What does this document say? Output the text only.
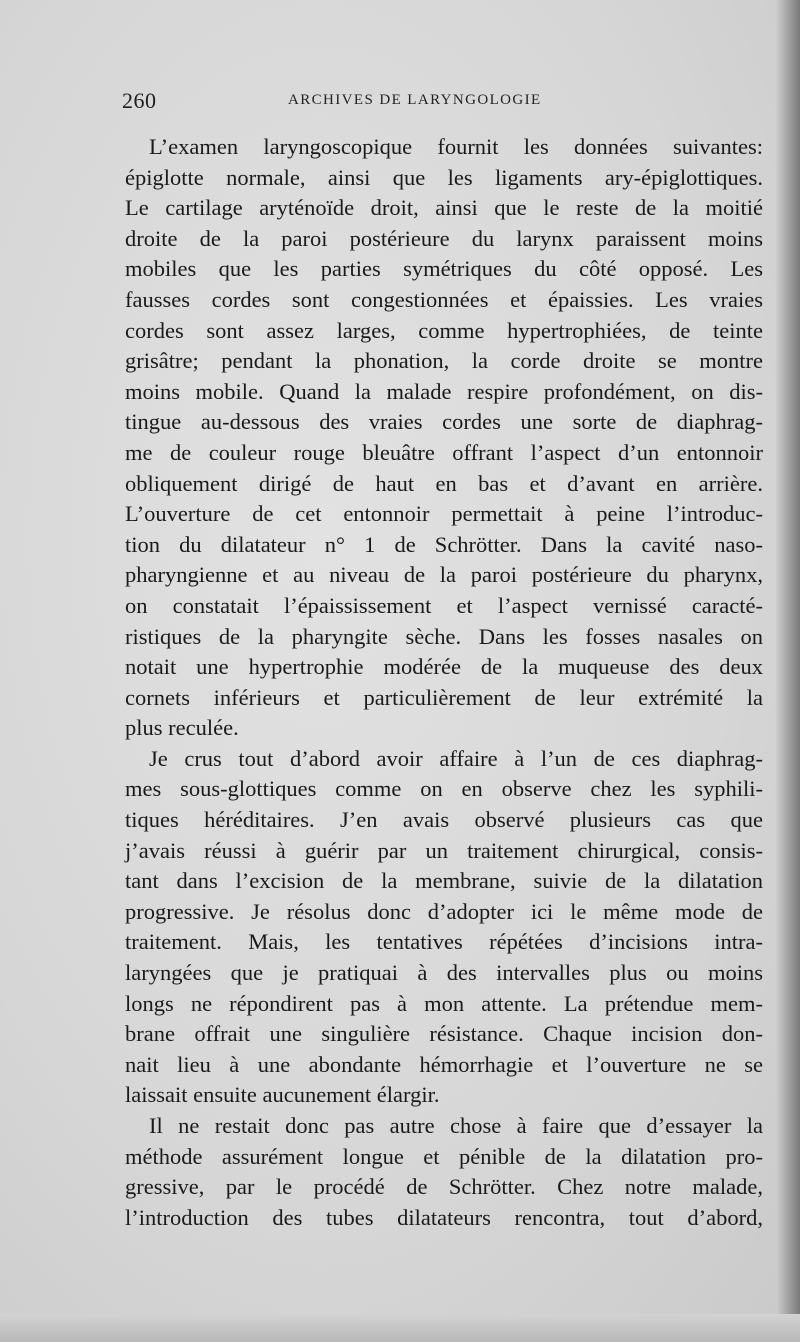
260	ARCHIVES DE LARYNGOLOGIE
L’examen laryngoscopique fournit les données suivantes:
épiglotte normale, ainsi que les ligaments ary-épiglottiques.
Le cartilage aryténoïde droit, ainsi que le reste de la moitié
droite de la paroi postérieure du larynx paraissent moins
mobiles que les parties symétriques du côté opposé. Les
fausses cordes sont congestionnées et épaissies. Les vraies
cordes sont assez larges, comme hypertrophiées, de teinte
grisâtre; pendant la phonation, la corde droite se montre
moins mobile. Quand la malade respire profondément, on dis-
tingue au-dessous des vraies cordes une sorte de diaphrag-
me de couleur rouge bleuâtre offrant l’aspect d’un entonnoir
obliquement dirigé de haut en bas et d’avant en arrière.
L’ouverture de cet entonnoir permettait à peine l’introduc-
tion du dilatateur n° 1 de Schrötter. Dans la cavité naso-
pharyngienne et au niveau de la paroi postérieure du pharynx,
on constatait l’épaississement et l’aspect vernissé caracté-
ristiques de la pharyngite sèche. Dans les fosses nasales on
notait une hypertrophie modérée de la muqueuse des deux
cornets inférieurs et particulièrement de leur extrémité la
plus reculée.
Je crus tout d’abord avoir affaire à l’un de ces diaphrag-
mes sous-glottiques comme on en observe chez les syphili-
tiques héréditaires. J’en avais observé plusieurs cas que
j’avais réussi à guérir par un traitement chirurgical, consis-
tant dans l’excision de la membrane, suivie de la dilatation
progressive. Je résolus donc d’adopter ici le même mode de
traitement. Mais, les tentatives répétées d’incisions intra-
laryngées que je pratiquai à des intervalles plus ou moins
longs ne répondirent pas à mon attente. La prétendue mem-
brane offrait une singulière résistance. Chaque incision don-
nait lieu à une abondante hémorrhagie et l’ouverture ne se
laissait ensuite aucunement élargir.
Il ne restait donc pas autre chose à faire que d’essayer la
méthode assurément longue et pénible de la dilatation pro-
gressive, par le procédé de Schrötter. Chez notre malade,
l’introduction des tubes dilatateurs rencontra, tout d’abord,
